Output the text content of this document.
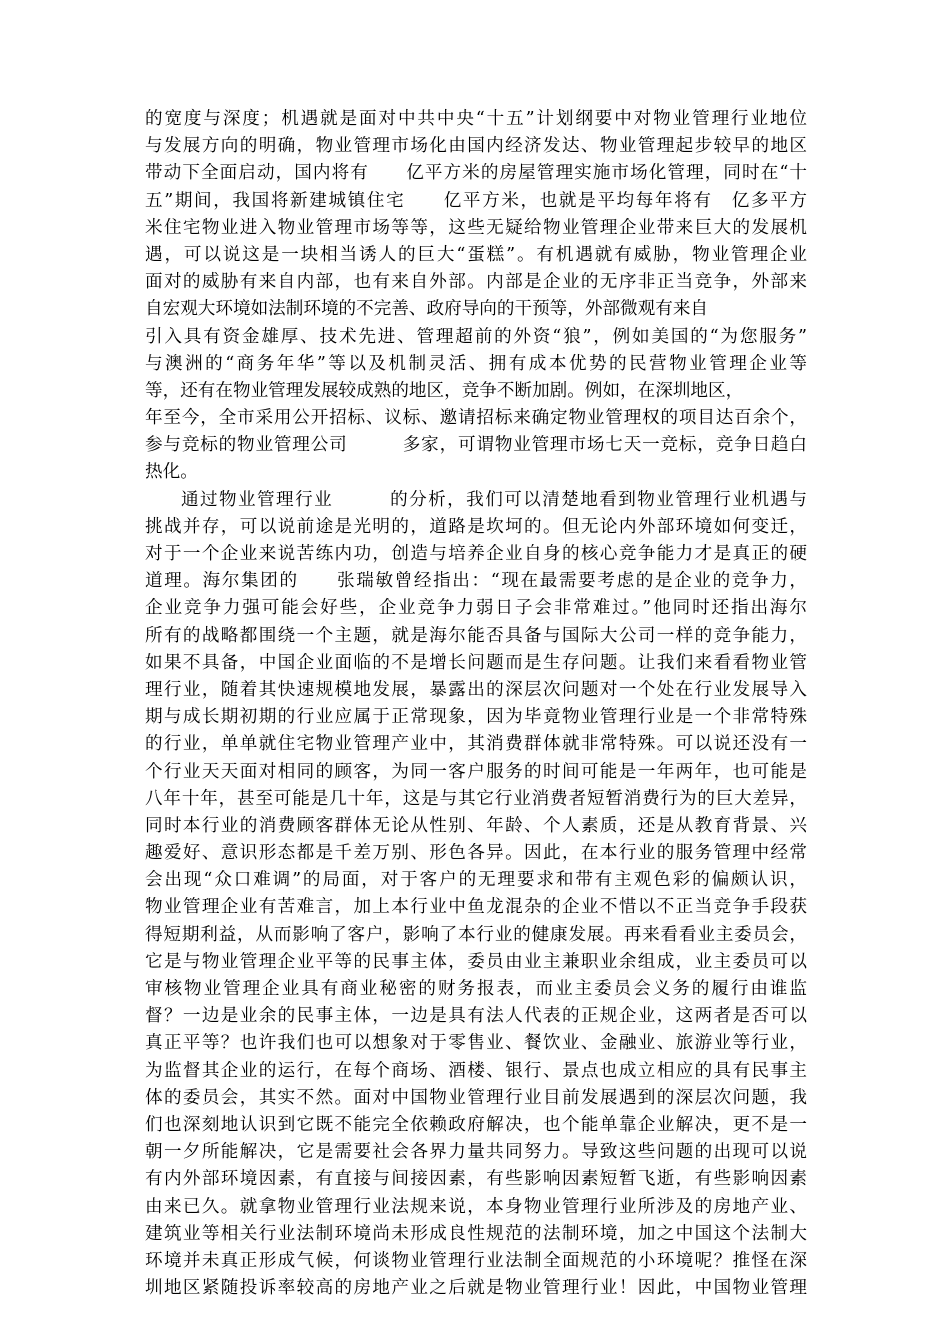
的宽度与深度；机遇就是面对中共中央“十五”计划纲要中对物业管理行业地位
与发展方向的明确，物业管理市场化由国内经济发达、物业管理起步较早的地区
带动下全面启动，国内将有　　亿平方米的房屋管理实施市场化管理，同时在“十
五”期间，我国将新建城镇住宅　　亿平方米，也就是平均每年将有　亿多平方
米住宅物业进入物业管理市场等等，这些无疑给物业管理企业带来巨大的发展机
遇，可以说这是一块相当诱人的巨大“蛋糕”。有机遇就有威胁，物业管理企业
面对的威胁有来自内部，也有来自外部。内部是企业的无序非正当竞争，外部来
自宏观大环境如法制环境的不完善、政府导向的干预等，外部微观有来自
引入具有资金雄厚、技术先进、管理超前的外资“狼”，例如美国的“为您服务”
与澳洲的“商务年华”等以及机制灵活、拥有成本优势的民营物业管理企业等
等，还有在物业管理发展较成熟的地区，竞争不断加剧。例如，在深圳地区，
年至今，全市采用公开招标、议标、邀请招标来确定物业管理权的项目达百余个，
参与竞标的物业管理公司　　　多家，可谓物业管理市场七天一竞标，竞争日趋白
热化。
通过物业管理行业　　　的分析，我们可以清楚地看到物业管理行业机遇与
挑战并存，可以说前途是光明的，道路是坎坷的。但无论内外部环境如何变迁，
对于一个企业来说苦练内功，创造与培养企业自身的核心竞争能力才是真正的硬
道理。海尔集团的　　张瑞敏曾经指出：“现在最需要考虑的是企业的竞争力，
企业竞争力强可能会好些，企业竞争力弱日子会非常难过。”他同时还指出海尔
所有的战略都围绕一个主题，就是海尔能否具备与国际大公司一样的竞争能力，
如果不具备，中国企业面临的不是增长问题而是生存问题。让我们来看看物业管
理行业，随着其快速规模地发展，暴露出的深层次问题对一个处在行业发展导入
期与成长期初期的行业应属于正常现象，因为毕竟物业管理行业是一个非常特殊
的行业，单单就住宅物业管理产业中，其消费群体就非常特殊。可以说还没有一
个行业天天面对相同的顾客，为同一客户服务的时间可能是一年两年，也可能是
八年十年，甚至可能是几十年，这是与其它行业消费者短暂消费行为的巨大差异，
同时本行业的消费顾客群体无论从性别、年龄、个人素质，还是从教育背景、兴
趣爱好、意识形态都是千差万别、形色各异。因此，在本行业的服务管理中经常
会出现“众口难调”的局面，对于客户的无理要求和带有主观色彩的偏颇认识，
物业管理企业有苦难言，加上本行业中鱼龙混杂的企业不惜以不正当竞争手段获
得短期利益，从而影响了客户，影响了本行业的健康发展。再来看看业主委员会，
它是与物业管理企业平等的民事主体，委员由业主兼职业余组成，业主委员可以
审核物业管理企业具有商业秘密的财务报表，而业主委员会义务的履行由谁监
督？一边是业余的民事主体，一边是具有法人代表的正规企业，这两者是否可以
真正平等？也许我们也可以想象对于零售业、餐饮业、金融业、旅游业等行业，
为监督其企业的运行，在每个商场、酒楼、银行、景点也成立相应的具有民事主
体的委员会，其实不然。面对中国物业管理行业目前发展遇到的深层次问题，我
们也深刻地认识到它既不能完全依赖政府解决，也个能单靠企业解决，更不是一
朝一夕所能解决，它是需要社会各界力量共同努力。导致这些问题的出现可以说
有内外部环境因素，有直接与间接因素，有些影响因素短暂飞逝，有些影响因素
由来已久。就拿物业管理行业法规来说，本身物业管理行业所涉及的房地产业、
建筑业等相关行业法制环境尚未形成良性规范的法制环境，加之中国这个法制大
环境并未真正形成气候，何谈物业管理行业法制全面规范的小环境呢？推怪在深
圳地区紧随投诉率较高的房地产业之后就是物业管理行业！因此，中国物业管理
